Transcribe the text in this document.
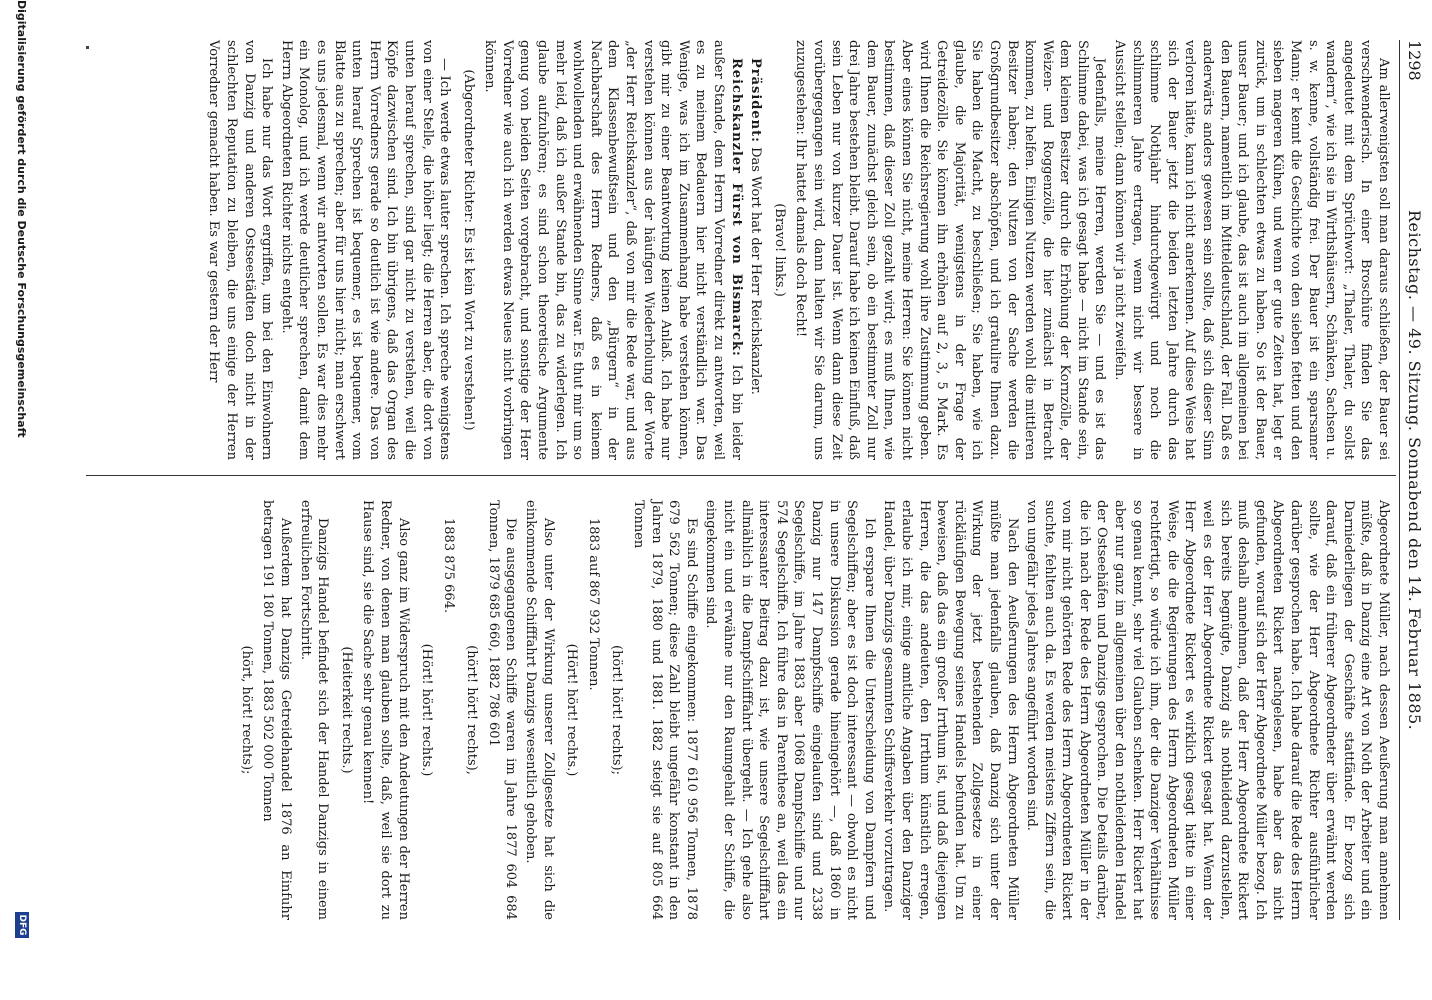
1298
Reichstag. — 49. Sitzung. Sonnabend den 14. Februar 1885.

Am allerwenigsten soll man daraus schließen, der Bauer sei verschwenderisch. In einer Broschüre finden Sie das angedeutet mit dem Sprüchwort: „Thaler, Thaler, du sollst wandern“, wie ich sie in Wirthshäusern, Schänken, Sachsen u. s. w. kenne, vollständig frei. Der Bauer ist ein sparsamer Mann; er kennt die Geschichte von den sieben fetten und den sieben mageren Kühen, und wenn er gute Zeiten hat, legt er zurück, um in schlechten etwas zu haben. So ist der Bauer, unser Bauer; und ich glaube, das ist auch im allgemeinen bei den Bauern, namentlich im Mitteldeutschland, der Fall. Daß es anderwärts anders gewesen sein sollte, daß sich dieser Sinn verloren hätte, kann ich nicht anerkennen. Auf diese Weise hat sich der Bauer jetzt die beiden letzten Jahre durch das schlimme Nothjahr hindurchgewürgt und noch die schlimmeren Jahre ertragen, wenn nicht wir bessere in Aussicht stellen; dann können wir ja nicht zweifeln.

Jedenfalls, meine Herren, werden Sie — und es ist das Schlimme dabei, was ich gesagt habe — nicht im Stande sein, dem kleinen Besitzer durch die Erhöhung der Kornzölle, der Weizen- und Roggenzölle, die hier zunächst in Betracht kommen, zu helfen. Einigen Nutzen werden wohl die mittleren Besitzer haben; den Nutzen von der Sache werden die Großgrundbesitzer abschöpfen, und ich gratulire Ihnen dazu. Sie haben die Macht, zu beschließen; Sie haben, wie ich glaube, die Majorität, wenigstens in der Frage der Getreidezölle. Sie können ihn erhöhen auf 2, 3, 5 Mark. Es wird Ihnen die Reichsregierung wohl ihre Zustimmung geben. Aber eines können Sie nicht, meine Herren: Sie können nicht bestimmen, daß dieser Zoll gezahlt wird; es muß Ihnen, wie dem Bauer, zunächst gleich sein, ob ein bestimmter Zoll nur drei Jahre bestehen bleibt. Darauf habe ich keinen Einfluß, daß sein Leben nur von kurzer Dauer ist. Wenn dann diese Zeit vorübergegangen sein wird, dann halten wir Sie darum, uns zuzugestehen: Ihr hattet damals doch Recht!

(Bravo! links.)

Präsident: Das Wort hat der Herr Reichskanzler.

Reichskanzler Fürst von Bismarck: Ich bin leider außer Stande, dem Herrn Vorredner direkt zu antworten, weil es zu meinem Bedauern hier nicht verständlich war. Das Wenige, was ich im Zusammenhang habe verstehen können, gibt mir zu einer Beantwortung keinen Anlaß. Ich habe nur verstehen können aus der häufigen Wiederholung der Worte „der Herr Reichskanzler“, daß von mir die Rede war, und aus dem Klassenbewußtsein und den „Bürgern“ in der Nachbarschaft des Herrn Redners, daß es in keinem wohlwollenden und erwähnenden Sinne war. Es thut mir um so mehr leid, daß ich außer Stande bin, das zu widerlegen. Ich glaube aufzuhören; es sind schon theoretische Argumente genug von beiden Seiten vorgebracht, und sonstige der Herr Vorredner wie auch ich werden etwas Neues nicht vorbringen können.

(Abgeordneter Richter: Es ist kein Wort zu verstehen!)

— Ich werde etwas lauter sprechen. Ich spreche wenigstens von einer Stelle, die höher liegt; die Herren aber, die dort von unten herauf sprechen, sind gar nicht zu verstehen, weil die Köpfe dazwischen sind. Ich bin übrigens, daß das Organ des Herrn Vorredners gerade so deutlich ist wie andere. Das von unten herauf Sprechen ist bequemer, es ist bequemer, vom Blatte aus zu sprechen; aber für uns hier nicht; man erschwert es uns jedesmal, wenn wir antworten sollen. Es war dies mehr ein Monolog, und ich werde deutlicher sprechen, damit dem Herrn Abgeordneten Richter nichts entgeht.

Ich habe nur das Wort ergriffen, um bei den Einwohnern von Danzig und anderen Ostseestädten doch nicht in der schlechten Reputation zu bleiben, die uns einige der Herren Vorredner gemacht haben. Es war gestern der Herr

Abgeordnete Müller, nach dessen Aeußerung man annehmen müßte, daß in Danzig eine Art von Noth der Arbeiter und ein Darniederliegen der Geschäfte stattfände. Er bezog sich darauf, daß ein früherer Abgeordneter über erwähnt werden sollte, wie der Herr Abgeordnete Richter ausführlicher darüber gesprochen habe. Ich habe darauf die Rede des Herrn Abgeordneten Rickert nachgelesen, habe aber das nicht gefunden, worauf sich der Herr Abgeordnete Müller bezog. Ich muß deshalb annehmen, daß der Herr Abgeordnete Rickert sich bereits begnügte, Danzig als nothleidend darzustellen, weil es der Herr Abgeordnete Rickert gesagt hat. Wenn der Herr Abgeordnete Rickert es wirklich gesagt hätte in einer Weise, die die Regierungen des Herrn Abgeordneten Müller rechtfertigt, so würde ich ihm, der die Danziger Verhältnisse so genau kennt, sehr viel Glauben schenken. Herr Rickert hat aber nur ganz im allgemeinen über den nothleidenden Handel der Ostseehäfen und Danzigs gesprochen. Die Details darüber, die ich nach der Rede des Herrn Abgeordneten Müller in der von mir nicht gehörten Rede des Herrn Abgeordneten Rickert suchte, fehlten auch da. Es werden meistens Ziffern sein, die von ungefähr jedes Jahres angeführt worden sind.

Nach den Aeußerungen des Herrn Abgeordneten Müller müßte man jedenfalls glauben, daß Danzig sich unter der Wirkung der jetzt bestehenden Zollgesetze in einer rückläufigen Bewegung seines Handels befunden hat. Um zu beweisen, daß das ein großer Irrthum ist, und daß diejenigen Herren, die das andeuten, den Irrthum künstlich erregen, erlaube ich mir, einige amtliche Angaben über den Danziger Handel, über Danzigs gesammten Schiffsverkehr vorzutragen.

Ich erspare Ihnen die Unterscheidung von Dampfern und Segelschiffen; aber es ist doch interessant — obwohl es nicht in unsere Diskussion gerade hineingehört —, daß 1860 in Danzig nur 147 Dampfschiffe eingelaufen sind und 2338 Segelschiffe, im Jahre 1883 aber 1068 Dampfschiffe und nur 574 Segelschiffe. Ich führe das in Parenthese an, weil das ein interessanter Beitrag dazu ist, wie unsere Segelschifffahrt allmählich in die Dampfschifffahrt übergeht. — Ich gehe also nicht ein und erwähne nur den Raumgehalt der Schiffe, die eingekommen sind.

Es sind Schiffe eingekommen: 1877 610 956 Tonnen, 1878 679 562 Tonnen; diese Zahl bleibt ungefähr konstant in den Jahren 1879, 1880 und 1881. 1882 steigt sie auf 805 664 Tonnen

(hört! hört! rechts);

1883 auf 867 932 Tonnen.

(Hört! hört! rechts.)

Also unter der Wirkung unserer Zollgesetze hat sich die einkommende Schifffahrt Danzigs wesentlich gehoben.

Die ausgegangenen Schiffe waren im Jahre 1877 604 684 Tonnen, 1879 685 660, 1882 786 601

(hört! hört! rechts),

1883 875 664.

(Hört! hört! rechts.)

Also ganz im Widerspruch mit den Andeutungen der Herren Redner, von denen man glauben sollte, daß, weil sie dort zu Hause sind, sie die Sache sehr genau kennen!

(Heiterkeit rechts.)

Danzigs Handel befindet sich der Handel Danzigs in einem erfreulichen Fortschritt.

Außerdem hat Danzigs Getreidehandel 1876 an Einfuhr betragen 191 180 Tonnen, 1883 502 000 Tonnen

(hört, hört! rechts);

Digitalisierung gefördert durch die Deutsche Forschungsgemeinschaft
DFG
